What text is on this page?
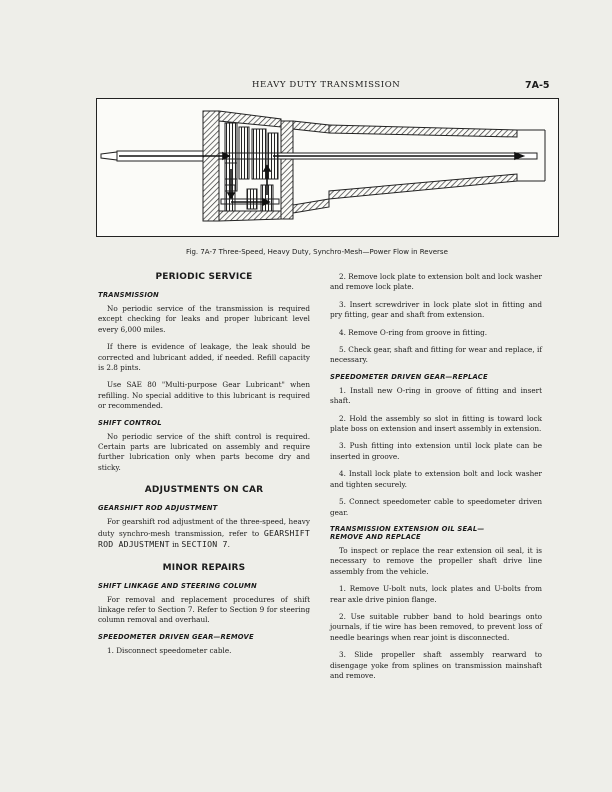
HEAVY DUTY TRANSMISSION	7A-5
Fig. 7A-7 Three-Speed, Heavy Duty, Synchro-Mesh—Power Flow in Reverse
PERIODIC SERVICE
TRANSMISSION

No periodic service of the transmission is required except checking for leaks and proper lubricant level every 6,000 miles.

If there is evidence of leakage, the leak should be corrected and lubricant added, if needed. Refill capacity is 2.8 pints.

Use SAE 80 "Multi-purpose Gear Lubricant" when refilling. No special additive to this lubricant is required or recommended.

SHIFT CONTROL

No periodic service of the shift control is required. Certain parts are lubricated on assembly and require further lubrication only when parts become dry and sticky.

ADJUSTMENTS ON CAR
GEARSHIFT ROD ADJUSTMENT

For gearshift rod adjustment of the three-speed, heavy duty synchro-mesh transmission, refer to GEARSHIFT ROD ADJUSTMENT in SECTION 7.

MINOR REPAIRS
SHIFT LINKAGE AND STEERING COLUMN

For removal and replacement procedures of shift linkage refer to Section 7. Refer to Section 9 for steering column removal and overhaul.

SPEEDOMETER DRIVEN GEAR—REMOVE

1. Disconnect speedometer cable.

2. Remove lock plate to extension bolt and lock washer and remove lock plate.

3. Insert screwdriver in lock plate slot in fitting and pry fitting, gear and shaft from extension.

4. Remove O-ring from groove in fitting.

5. Check gear, shaft and fitting for wear and replace, if necessary.

SPEEDOMETER DRIVEN GEAR—REPLACE

1. Install new O-ring in groove of fitting and insert shaft.

2. Hold the assembly so slot in fitting is toward lock plate boss on extension and insert assembly in extension.

3. Push fitting into extension until lock plate can be inserted in groove.

4. Install lock plate to extension bolt and lock washer and tighten securely.

5. Connect speedometer cable to speedometer driven gear.

TRANSMISSION EXTENSION OIL SEAL—
REMOVE AND REPLACE

To inspect or replace the rear extension oil seal, it is necessary to remove the propeller shaft drive line assembly from the vehicle.

1. Remove U-bolt nuts, lock plates and U-bolts from rear axle drive pinion flange.

2. Use suitable rubber band to hold bearings onto journals, if tie wire has been removed, to prevent loss of needle bearings when rear joint is disconnected.

3. Slide propeller shaft assembly rearward to disengage yoke from splines on transmission mainshaft and remove.
